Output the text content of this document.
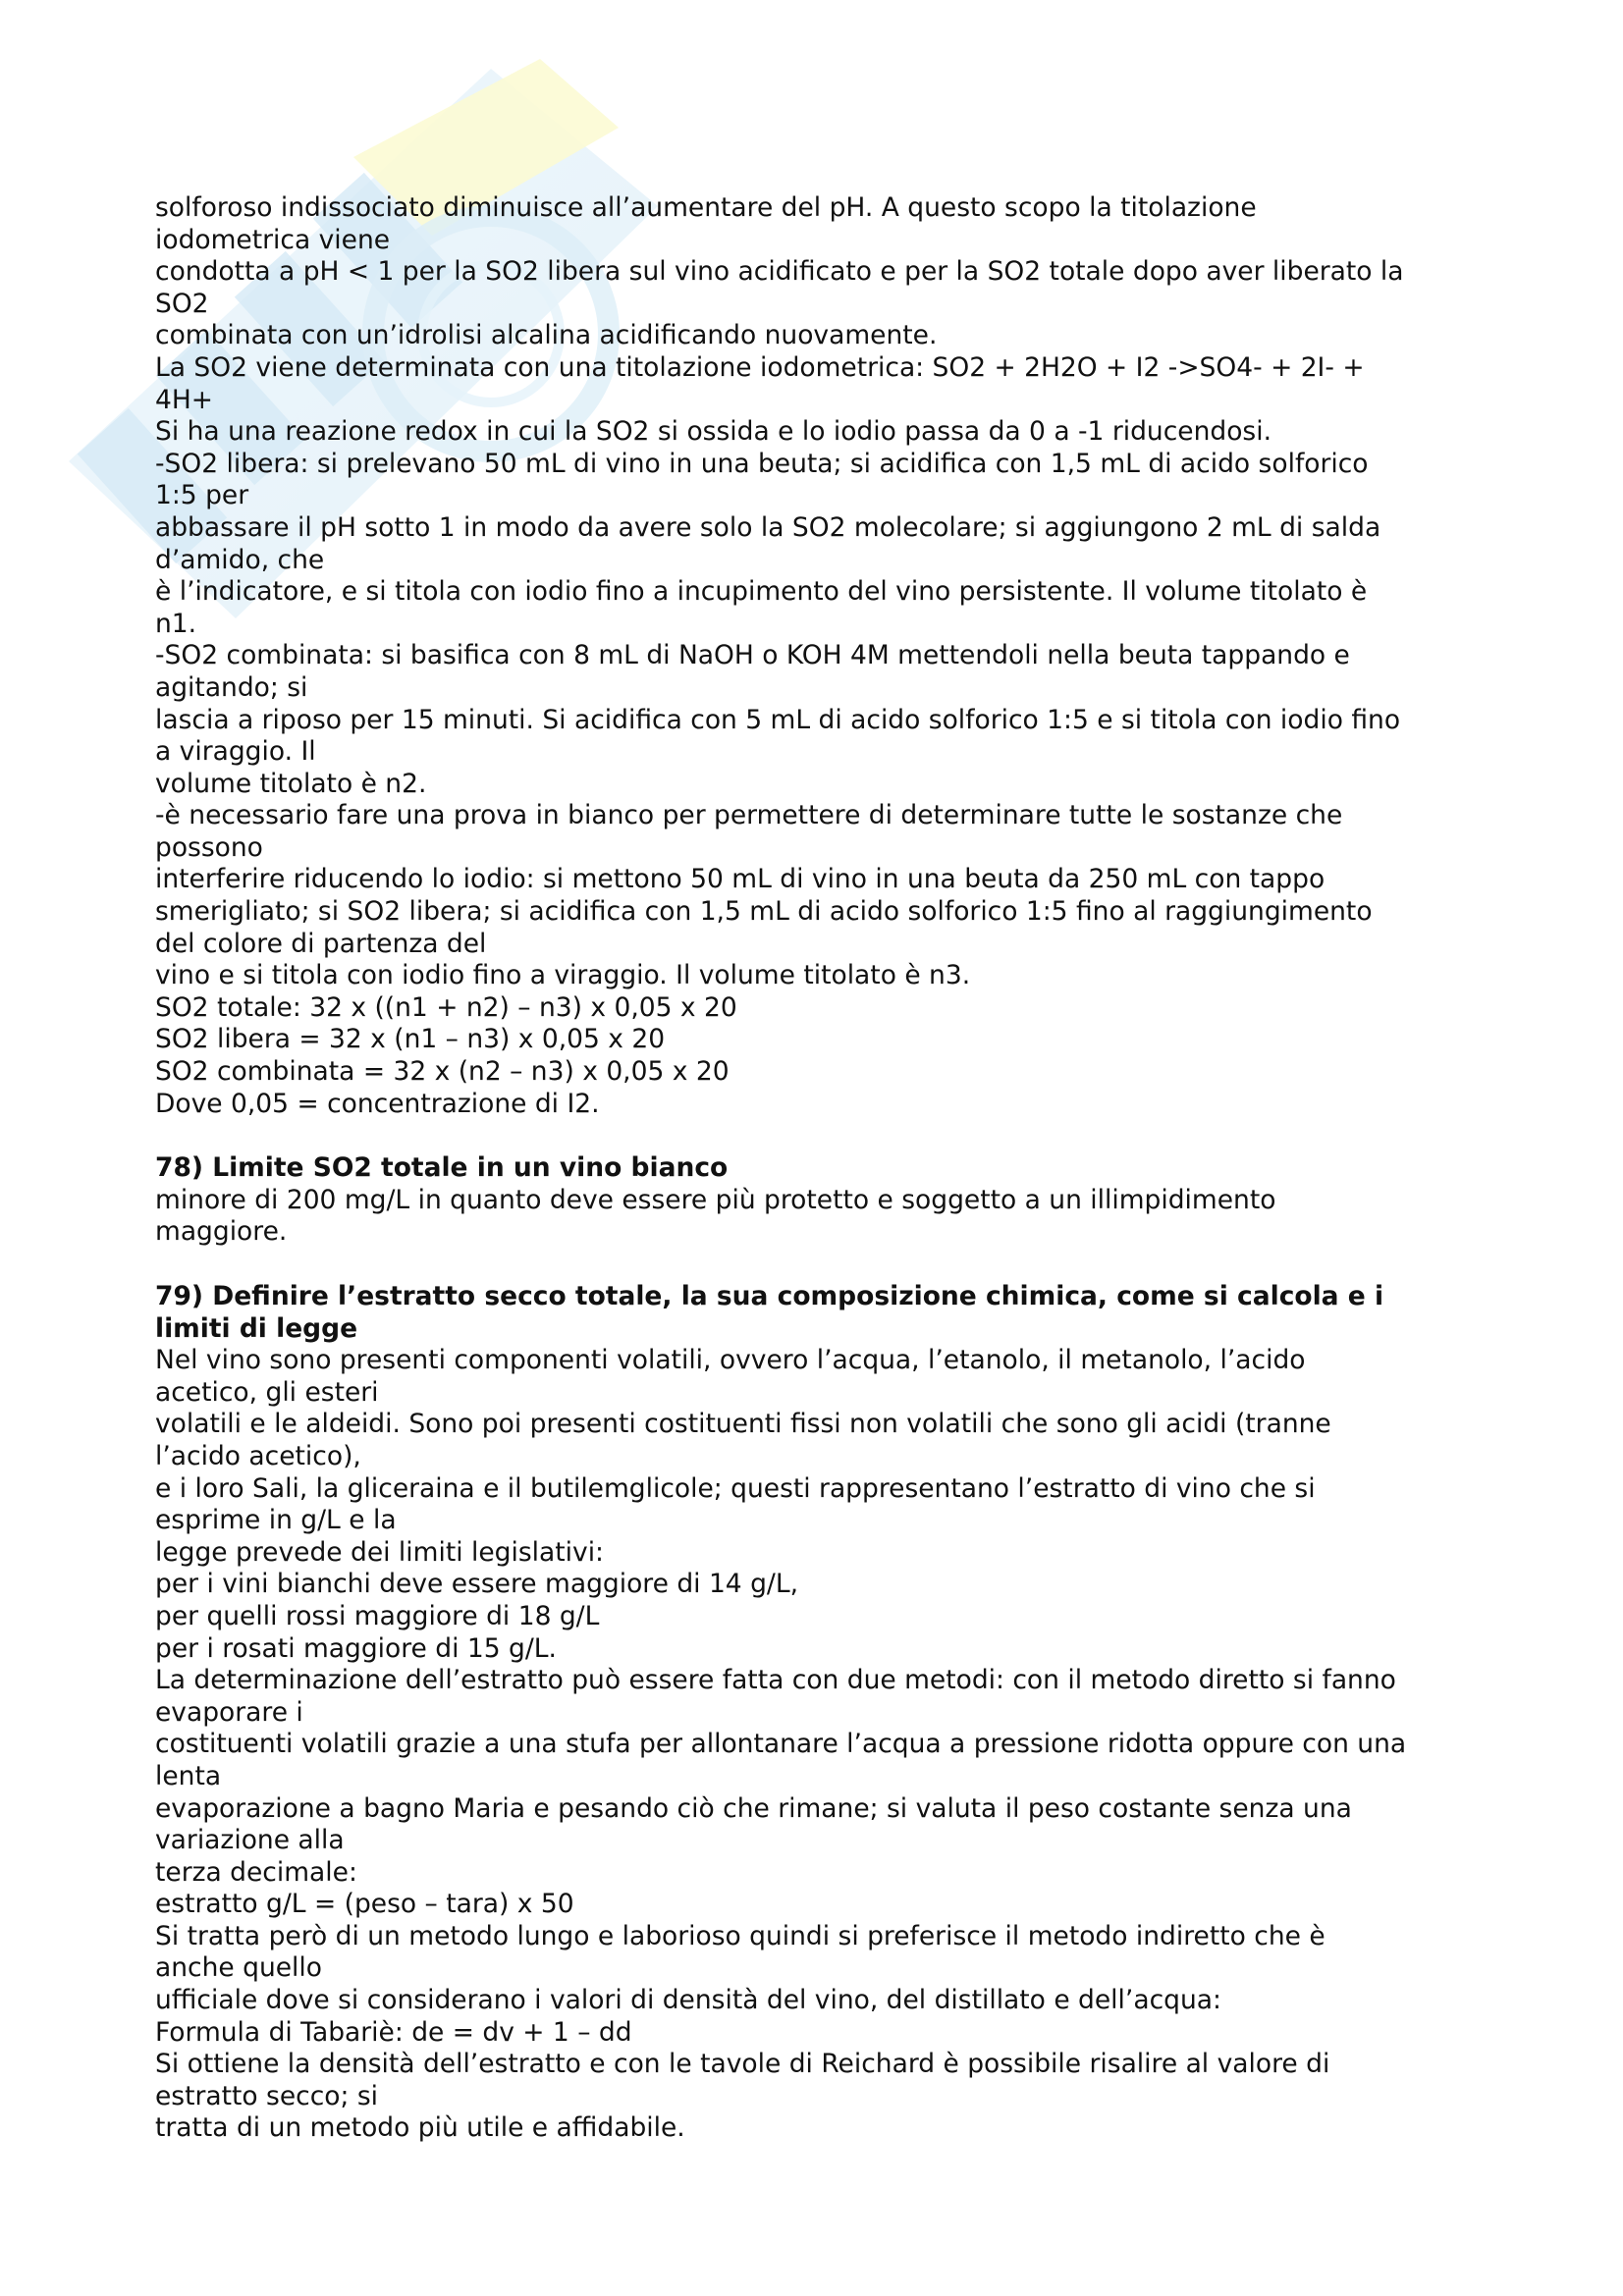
solforoso indissociato diminuisce all’aumentare del pH. A questo scopo la titolazione
iodometrica viene
condotta a pH < 1 per la SO2 libera sul vino acidificato e per la SO2 totale dopo aver liberato la
SO2
combinata con un’idrolisi alcalina acidificando nuovamente.
La SO2 viene determinata con una titolazione iodometrica: SO2 + 2H2O + I2 ->SO4- + 2I- +
4H+
Si ha una reazione redox in cui la SO2 si ossida e lo iodio passa da 0 a -1 riducendosi.
-SO2 libera: si prelevano 50 mL di vino in una beuta; si acidifica con 1,5 mL di acido solforico
1:5 per
abbassare il pH sotto 1 in modo da avere solo la SO2 molecolare; si aggiungono 2 mL di salda
d’amido, che
è l’indicatore, e si titola con iodio fino a incupimento del vino persistente. Il volume titolato è
n1.
-SO2 combinata: si basifica con 8 mL di NaOH o KOH 4M mettendoli nella beuta tappando e
agitando; si
lascia a riposo per 15 minuti. Si acidifica con 5 mL di acido solforico 1:5 e si titola con iodio fino
a viraggio. Il
volume titolato è n2.
-è necessario fare una prova in bianco per permettere di determinare tutte le sostanze che
possono
interferire riducendo lo iodio: si mettono 50 mL di vino in una beuta da 250 mL con tappo
smerigliato; si SO2 libera; si acidifica con 1,5 mL di acido solforico 1:5 fino al raggiungimento
del colore di partenza del
vino e si titola con iodio fino a viraggio. Il volume titolato è n3.
SO2 totale: 32 x ((n1 + n2) – n3) x 0,05 x 20
SO2 libera = 32 x (n1 – n3) x 0,05 x 20
SO2 combinata = 32 x (n2 – n3) x 0,05 x 20
Dove 0,05 = concentrazione di I2.
78) Limite SO2 totale in un vino bianco
minore di 200 mg/L in quanto deve essere più protetto e soggetto a un illimpidimento
maggiore.
79) Definire l’estratto secco totale, la sua composizione chimica, come si calcola e i
limiti di legge
Nel vino sono presenti componenti volatili, ovvero l’acqua, l’etanolo, il metanolo, l’acido
acetico, gli esteri
volatili e le aldeidi. Sono poi presenti costituenti fissi non volatili che sono gli acidi (tranne
l’acido acetico),
e i loro Sali, la gliceraina e il butilemglicole; questi rappresentano l’estratto di vino che si
esprime in g/L e la
legge prevede dei limiti legislativi:
per i vini bianchi deve essere maggiore di 14 g/L,
per quelli rossi maggiore di 18 g/L
per i rosati maggiore di 15 g/L.
La determinazione dell’estratto può essere fatta con due metodi: con il metodo diretto si fanno
evaporare i
costituenti volatili grazie a una stufa per allontanare l’acqua a pressione ridotta oppure con una
lenta
evaporazione a bagno Maria e pesando ciò che rimane; si valuta il peso costante senza una
variazione alla
terza decimale:
estratto g/L = (peso – tara) x 50
Si tratta però di un metodo lungo e laborioso quindi si preferisce il metodo indiretto che è
anche quello
ufficiale dove si considerano i valori di densità del vino, del distillato e dell’acqua:
Formula di Tabariè: de = dv + 1 – dd
Si ottiene la densità dell’estratto e con le tavole di Reichard è possibile risalire al valore di
estratto secco; si
tratta di un metodo più utile e affidabile.
